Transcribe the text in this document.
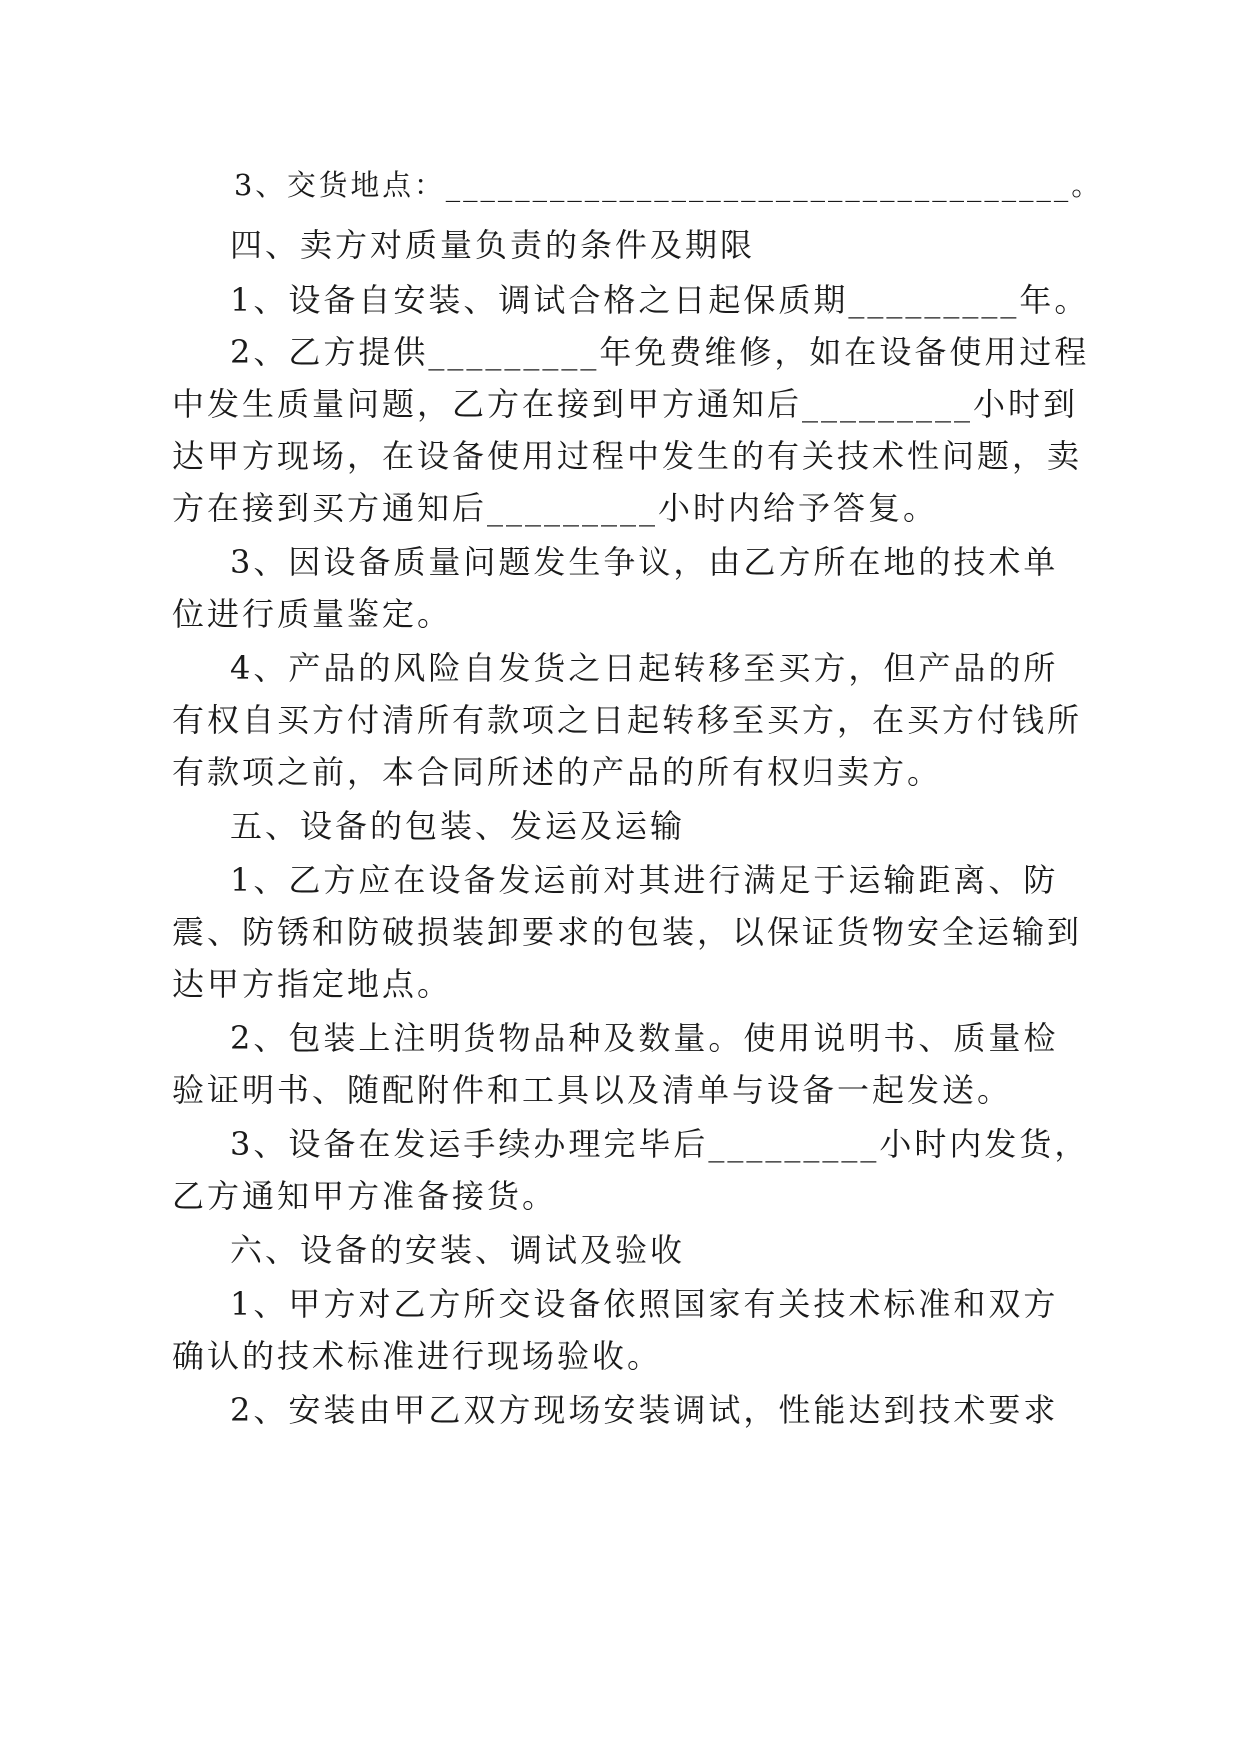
3、交货地点：____________________________________。
四、卖方对质量负责的条件及期限
1、设备自安装、调试合格之日起保质期_________年。
2、乙方提供_________年免费维修，如在设备使用过程
中发生质量问题，乙方在接到甲方通知后_________小时到
达甲方现场，在设备使用过程中发生的有关技术性问题，卖
方在接到买方通知后_________小时内给予答复。
3、因设备质量问题发生争议，由乙方所在地的技术单
位进行质量鉴定。
4、产品的风险自发货之日起转移至买方，但产品的所
有权自买方付清所有款项之日起转移至买方，在买方付钱所
有款项之前，本合同所述的产品的所有权归卖方。
五、设备的包装、发运及运输
1、乙方应在设备发运前对其进行满足于运输距离、防
震、防锈和防破损装卸要求的包装，以保证货物安全运输到
达甲方指定地点。
2、包装上注明货物品种及数量。使用说明书、质量检
验证明书、随配附件和工具以及清单与设备一起发送。
3、设备在发运手续办理完毕后_________小时内发货，
乙方通知甲方准备接货。
六、设备的安装、调试及验收
1、甲方对乙方所交设备依照国家有关技术标准和双方
确认的技术标准进行现场验收。
2、安装由甲乙双方现场安装调试，性能达到技术要求
